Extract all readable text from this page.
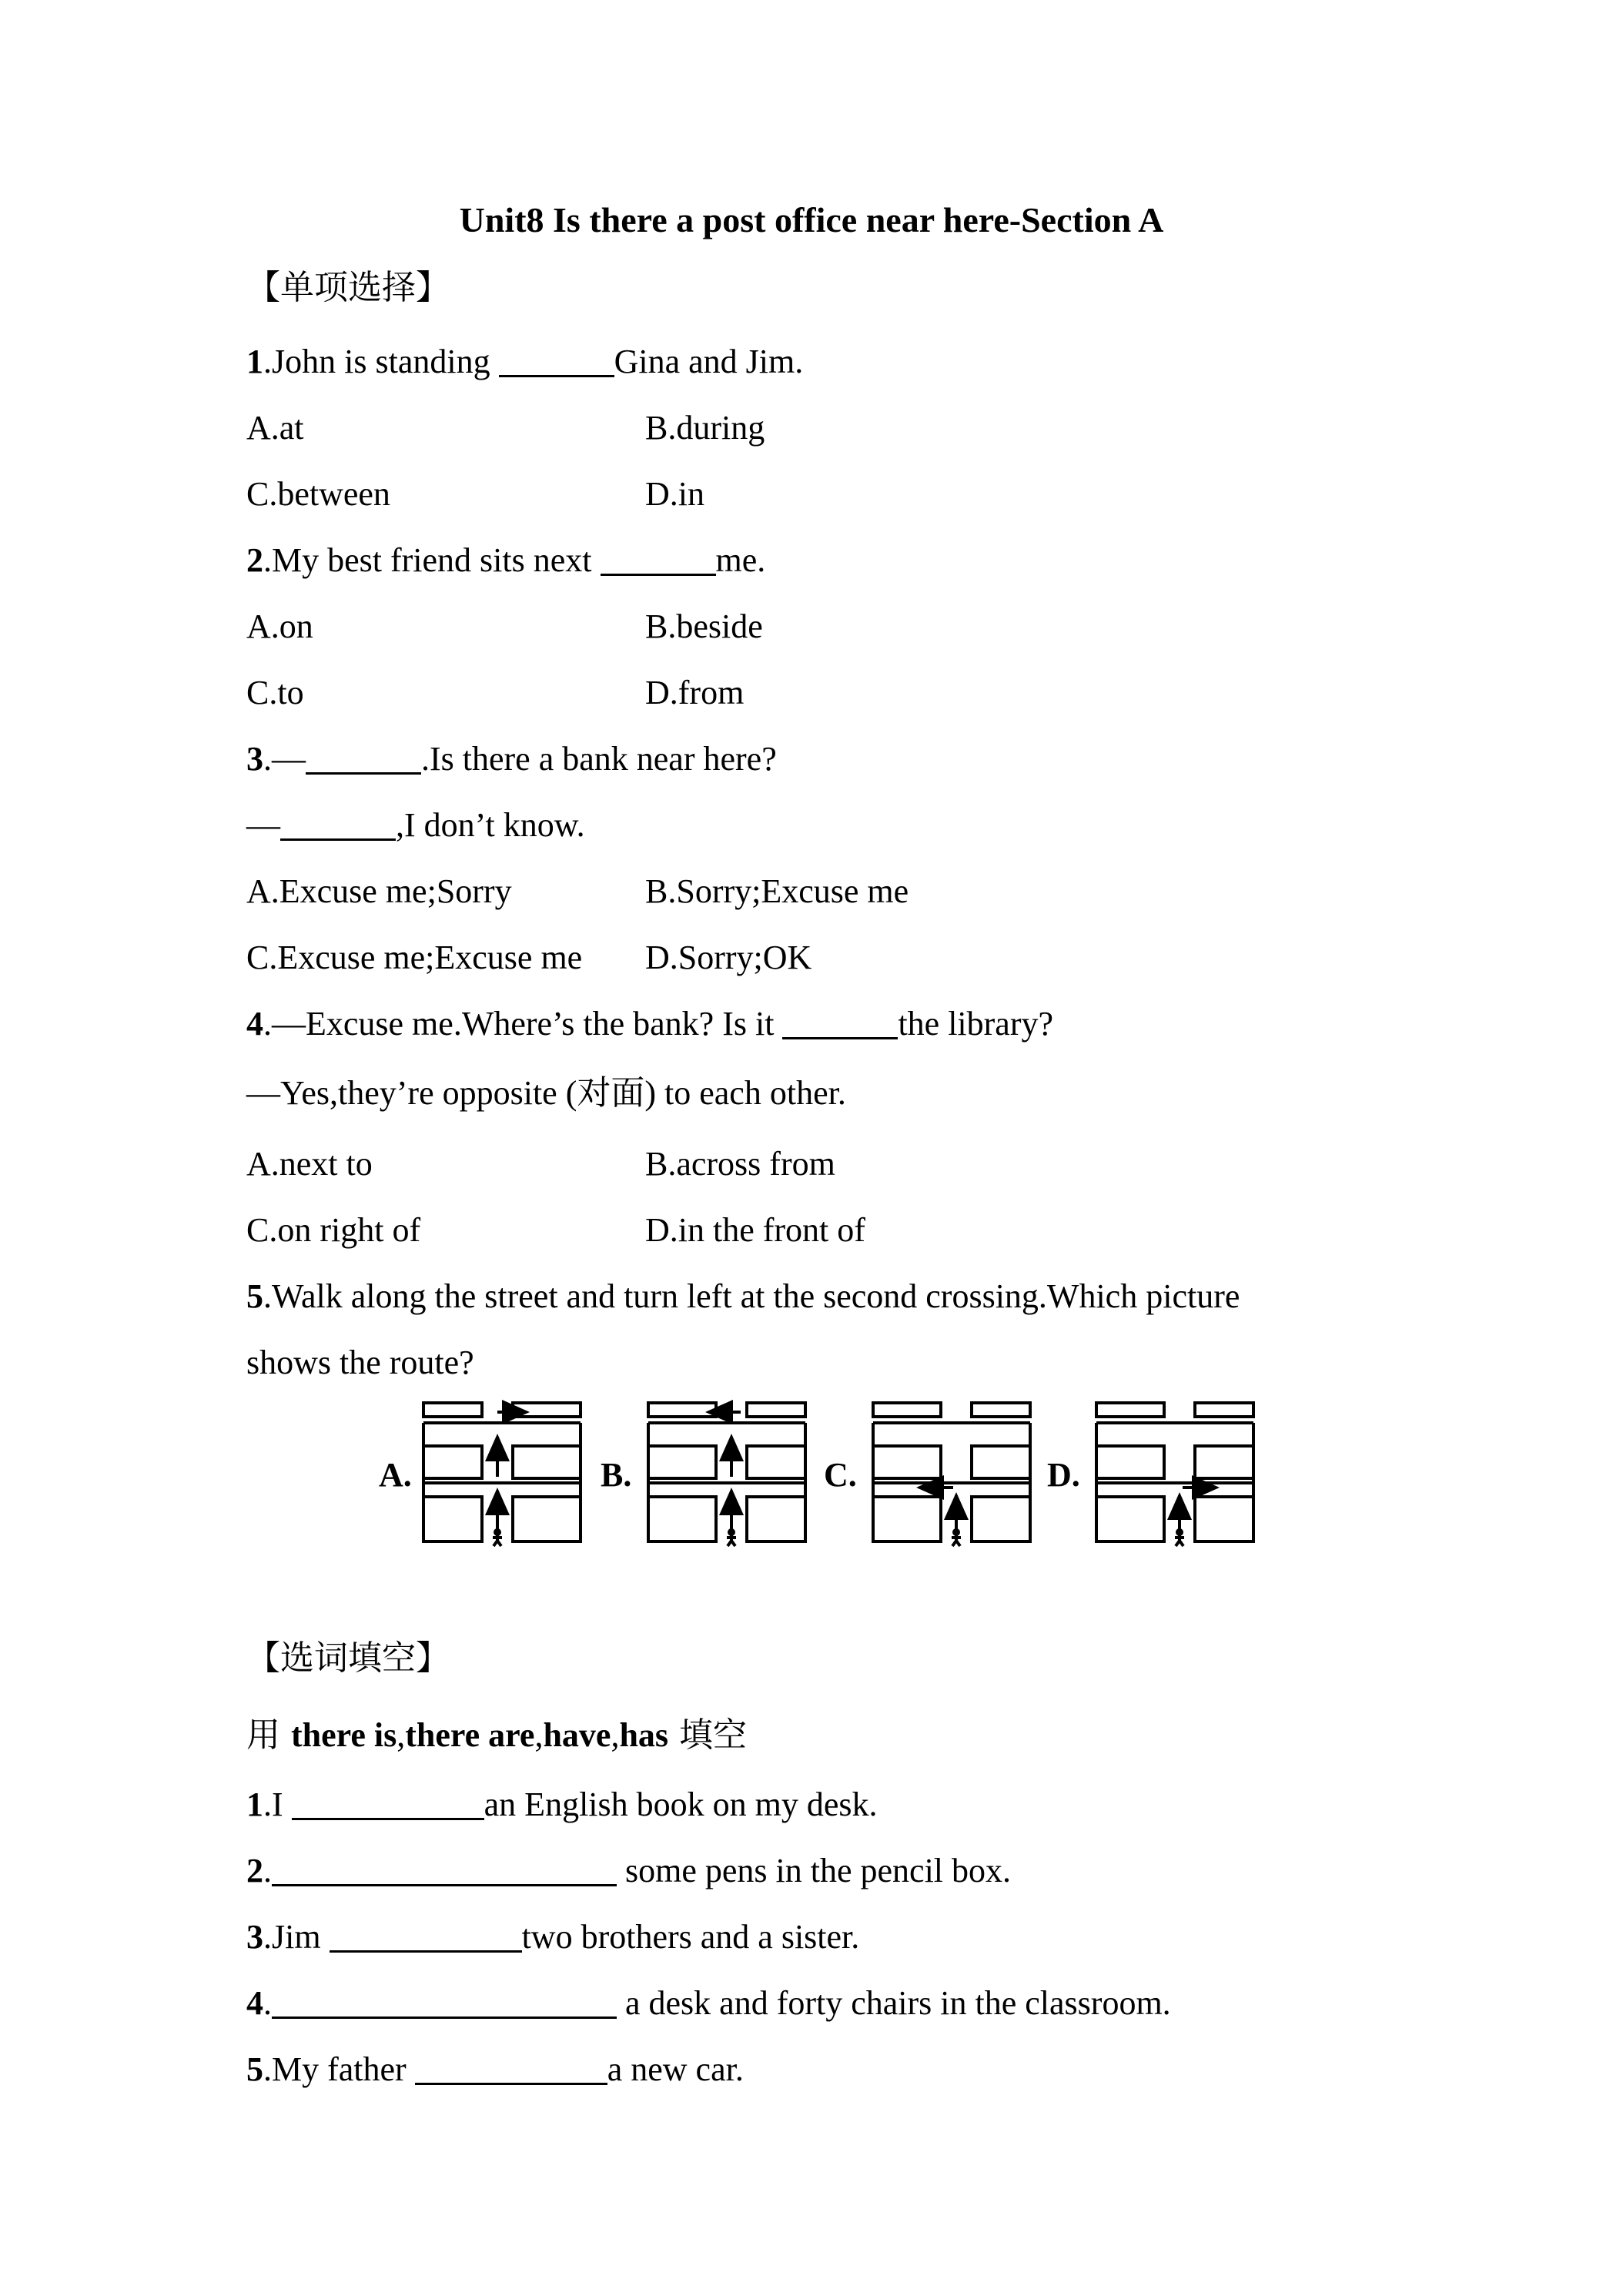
Unit8 Is there a post office near here-Section A
【单项选择】
1.John is standing	Gina and Jim.
A.at	B.during
C.between	D.in
2.My best friend sits next	me.
A.on	B.beside
C.to	D.from
3.—	.Is there a bank near here?
—	,I don’t know.
A.Excuse me;Sorry	B.Sorry;Excuse me
C.Excuse me;Excuse me D.Sorry;OK
4.—Excuse me.Where’s the bank? Is it	the library?
—Yes,they’re opposite (对面) to each other.
A.next to	B.across from
C.on right of	D.in the front of
5.Walk along the street and turn left at the second crossing.Which picture
shows the route?
A.	B.	C.	D.
【选词填空】
用 there is,there are,have,has 填空
1.I	an English book on my desk.
2.	some pens in the pencil box.
3.Jim	two brothers and a sister.
4.	a desk and forty chairs in the classroom.
5.My father	a new car.
